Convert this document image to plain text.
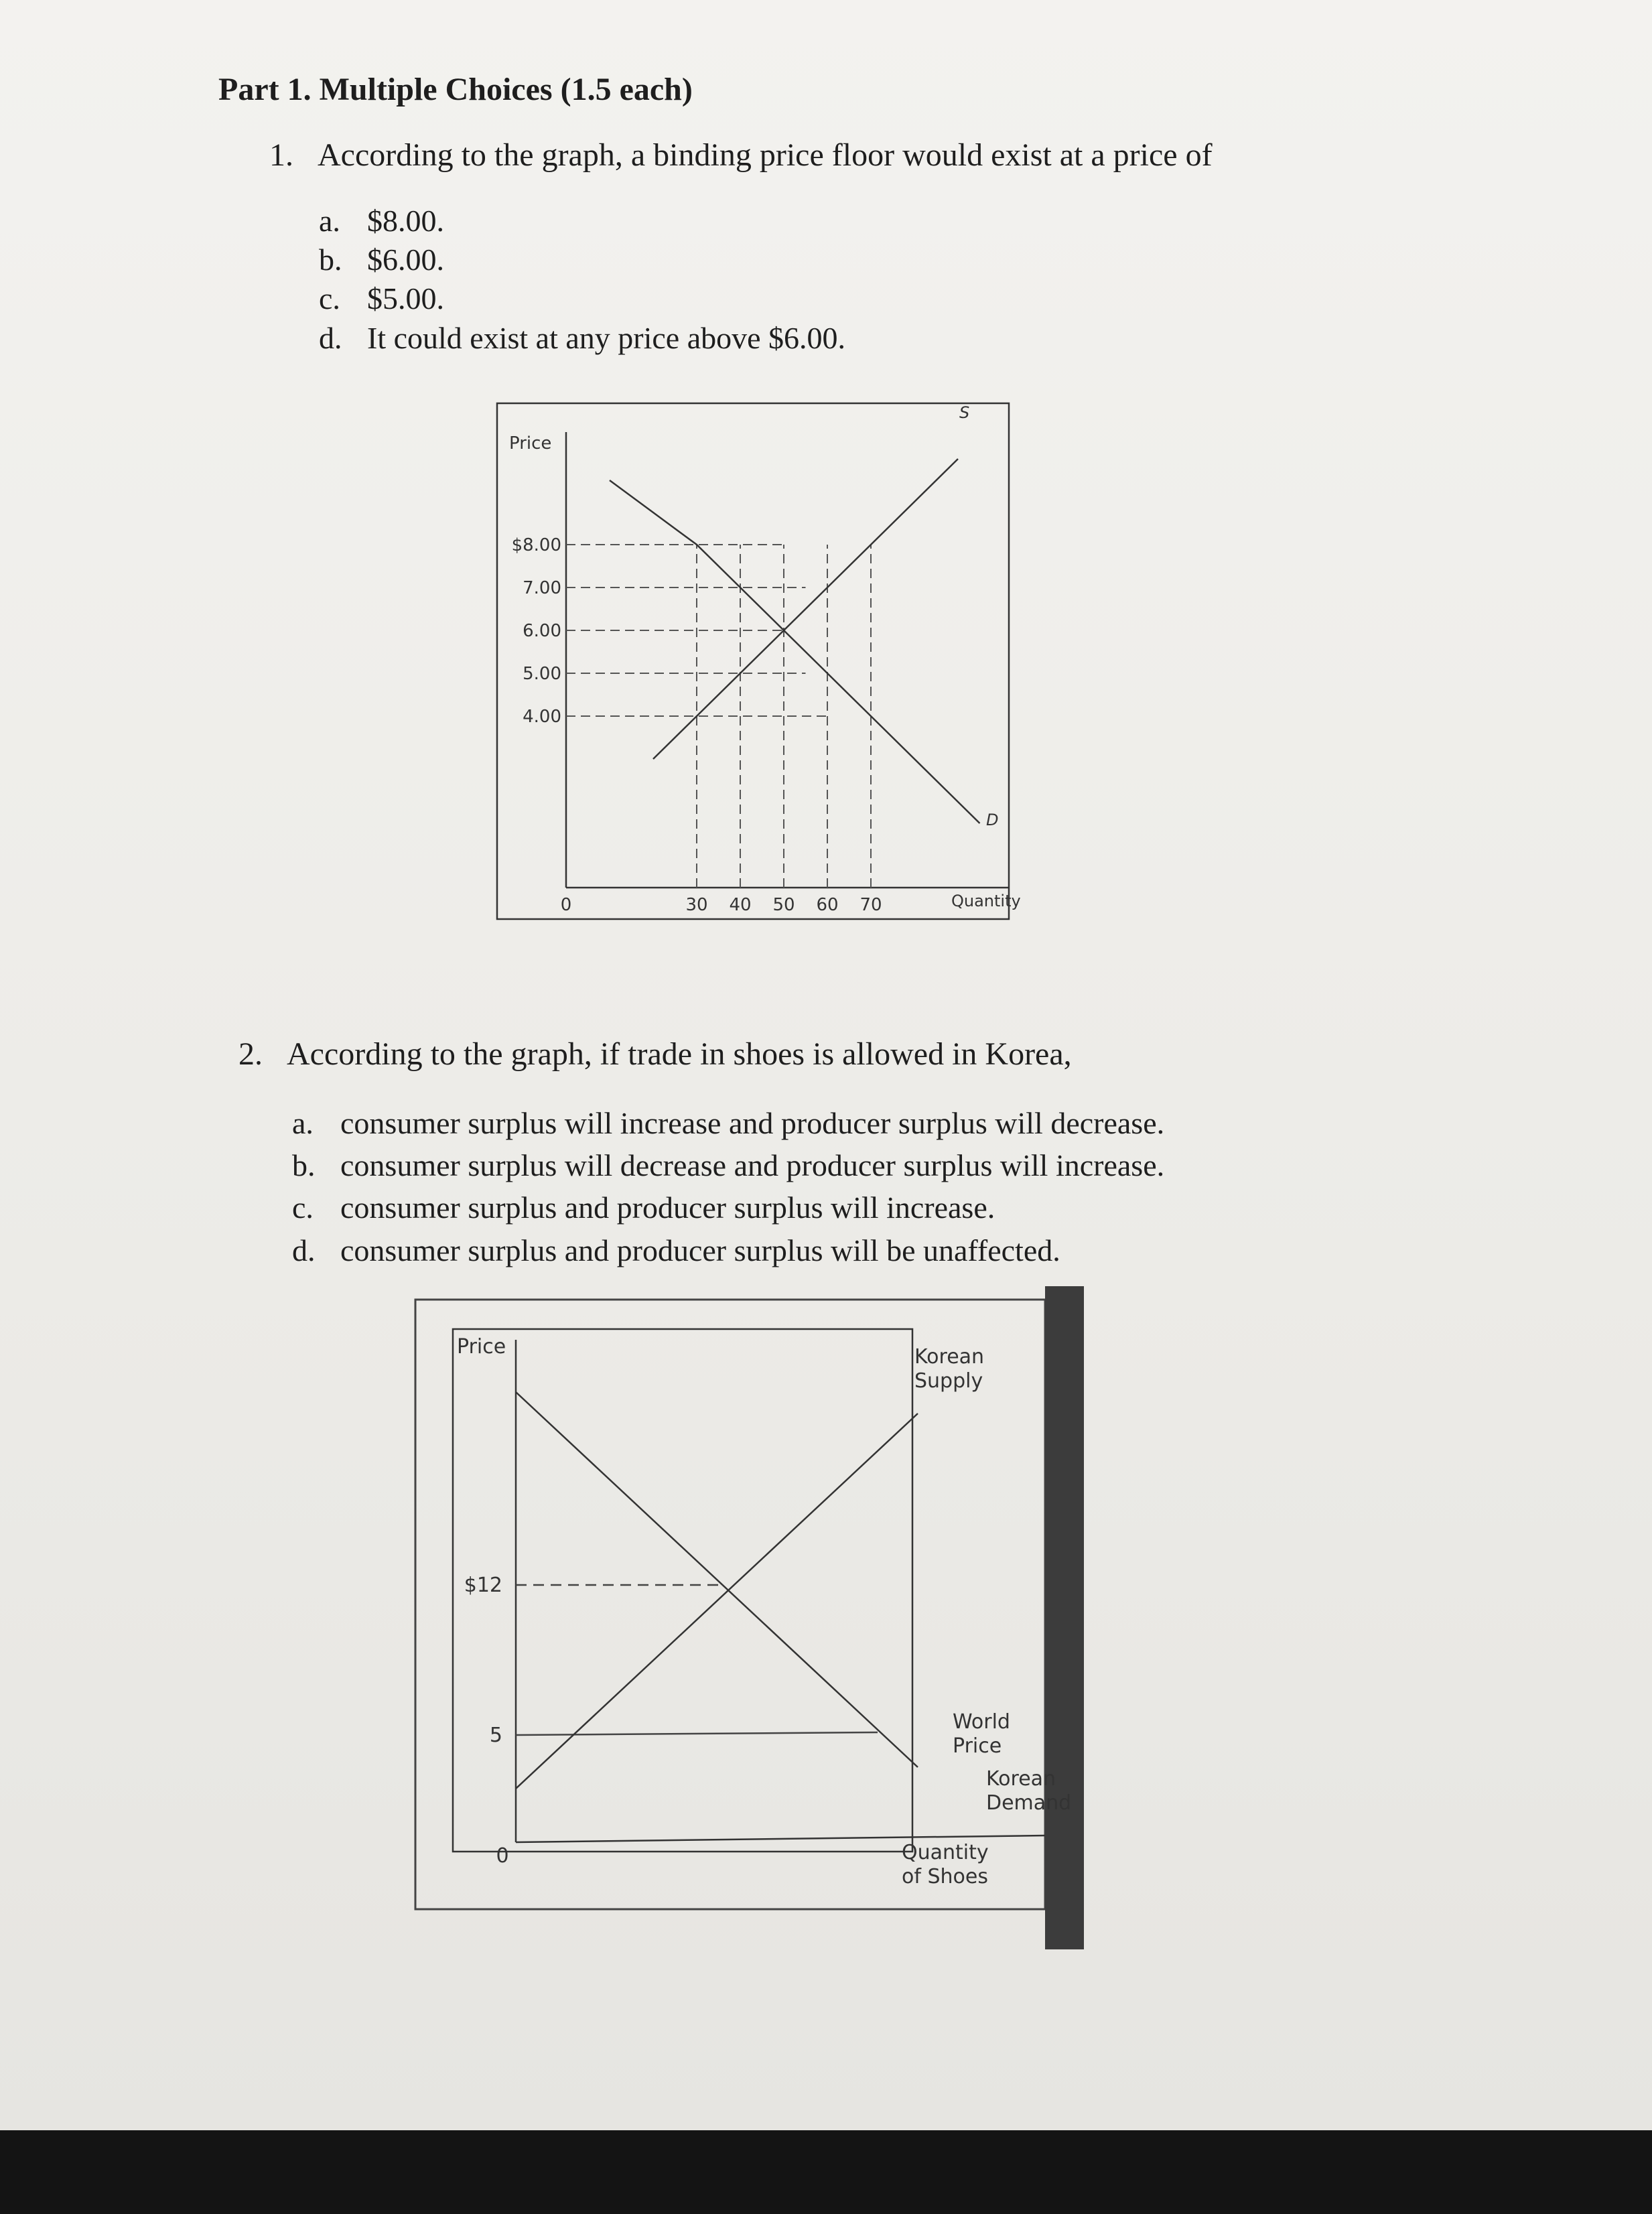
Part 1. Multiple Choices (1.5 each)
1. According to the graph, a binding price floor would exist at a price of
a. $8.00.
b. $6.00.
c. $5.00.
d. It could exist at any price above $6.00.
Price
$8.00
7.00
6.00
5.00
4.00
30 40 50 60 70
0	Quantity
S
D
2. According to the graph, if trade in shoes is allowed in Korea,
a. consumer surplus will increase and producer surplus will decrease.
b. consumer surplus will decrease and producer surplus will increase.
c. consumer surplus and producer surplus will increase.
d. consumer surplus and producer surplus will be unaffected.
Price
$12
5
0
Korean Supply
World Price
Korean Demand
Quantity of Shoes
